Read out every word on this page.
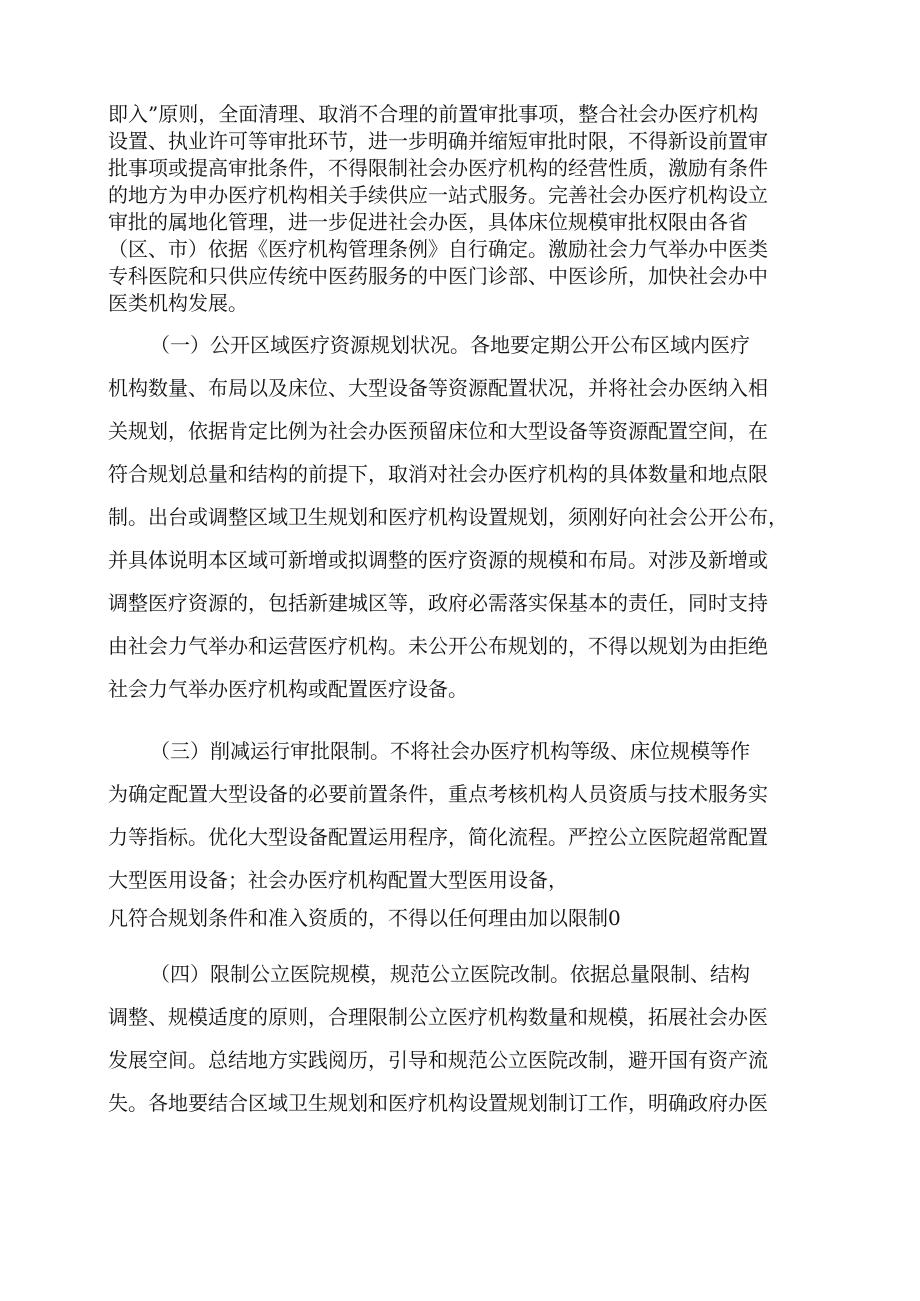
即入”原则，全面清理、取消不合理的前置审批事项，整合社会办医疗机构
设置、执业许可等审批环节，进一步明确并缩短审批时限，不得新设前置审
批事项或提高审批条件，不得限制社会办医疗机构的经营性质，激励有条件
的地方为申办医疗机构相关手续供应一站式服务。完善社会办医疗机构设立
审批的属地化管理，进一步促进社会办医，具体床位规模审批权限由各省
（区、市）依据《医疗机构管理条例》自行确定。激励社会力气举办中医类
专科医院和只供应传统中医药服务的中医门诊部、中医诊所，加快社会办中
医类机构发展。
（一）公开区域医疗资源规划状况。各地要定期公开公布区域内医疗
机构数量、布局以及床位、大型设备等资源配置状况，并将社会办医纳入相
关规划，依据肯定比例为社会办医预留床位和大型设备等资源配置空间，在
符合规划总量和结构的前提下，取消对社会办医疗机构的具体数量和地点限
制。出台或调整区域卫生规划和医疗机构设置规划，须刚好向社会公开公布，
并具体说明本区域可新增或拟调整的医疗资源的规模和布局。对涉及新增或
调整医疗资源的，包括新建城区等，政府必需落实保基本的责任，同时支持
由社会力气举办和运营医疗机构。未公开公布规划的，不得以规划为由拒绝
社会力气举办医疗机构或配置医疗设备。
（三）削减运行审批限制。不将社会办医疗机构等级、床位规模等作
为确定配置大型设备的必要前置条件，重点考核机构人员资质与技术服务实
力等指标。优化大型设备配置运用程序，简化流程。严控公立医院超常配置
大型医用设备；社会办医疗机构配置大型医用设备，
凡符合规划条件和准入资质的，不得以任何理由加以限制0
（四）限制公立医院规模，规范公立医院改制。依据总量限制、结构
调整、规模适度的原则，合理限制公立医疗机构数量和规模，拓展社会办医
发展空间。总结地方实践阅历，引导和规范公立医院改制，避开国有资产流
失。各地要结合区域卫生规划和医疗机构设置规划制订工作，明确政府办医
